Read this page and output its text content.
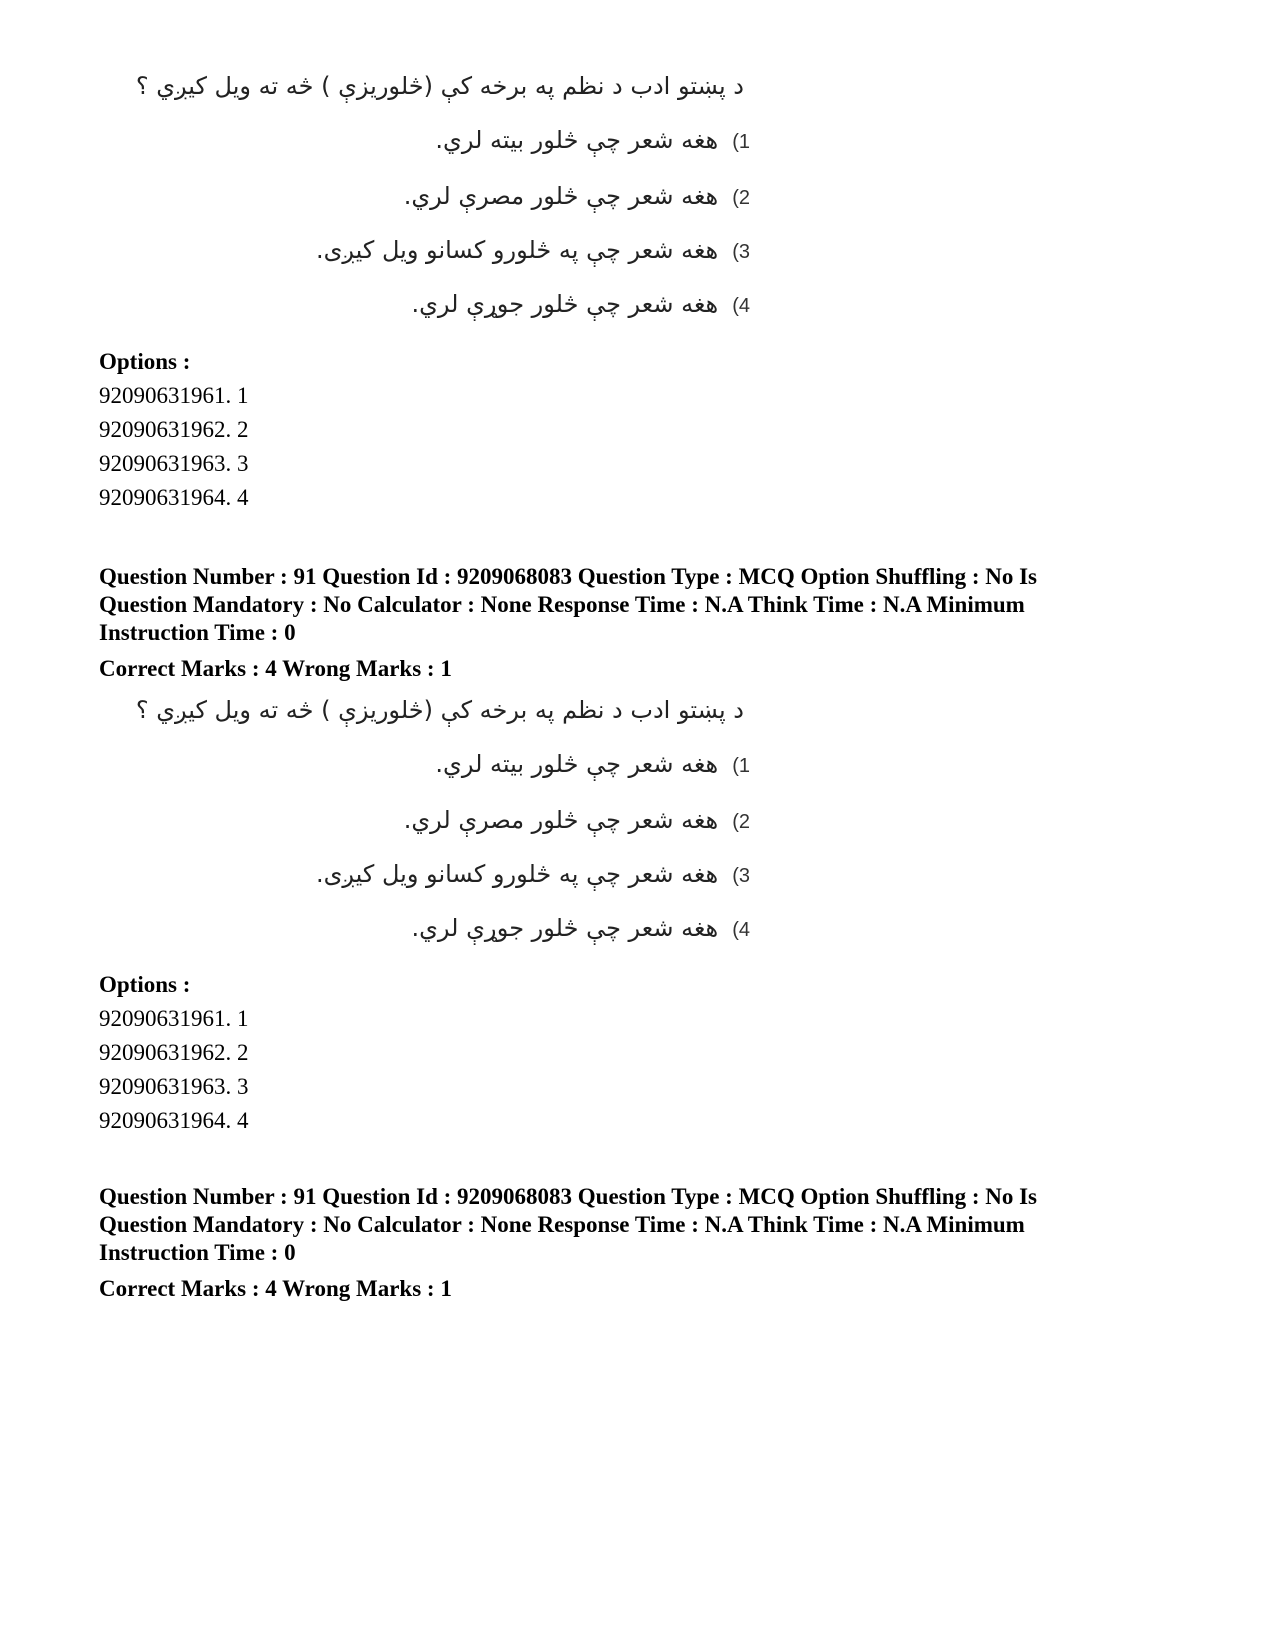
د پښتو ادب د نظم په برخه کې (څلوريزې ) څه ته ويل کيږي ؟
(1هغه شعر چې څلور بيته لري.
(2هغه شعر چې څلور مصرې لري.
(3هغه شعر چې په څلورو کسانو ويل کيږی.
(4هغه شعر چې څلور جوړې لري.
Options :
92090631961. 1
92090631962. 2
92090631963. 3
92090631964. 4
Question Number : 91 Question Id : 9209068083 Question Type : MCQ Option Shuffling : No Is
Question Mandatory : No Calculator : None Response Time : N.A Think Time : N.A Minimum
Instruction Time : 0
Correct Marks : 4 Wrong Marks : 1
د پښتو ادب د نظم په برخه کې (څلوريزې ) څه ته ويل کيږي ؟
(1هغه شعر چې څلور بيته لري.
(2هغه شعر چې څلور مصرې لري.
(3هغه شعر چې په څلورو کسانو ويل کيږی.
(4هغه شعر چې څلور جوړې لري.
Options :
92090631961. 1
92090631962. 2
92090631963. 3
92090631964. 4
Question Number : 91 Question Id : 9209068083 Question Type : MCQ Option Shuffling : No Is
Question Mandatory : No Calculator : None Response Time : N.A Think Time : N.A Minimum
Instruction Time : 0
Correct Marks : 4 Wrong Marks : 1
